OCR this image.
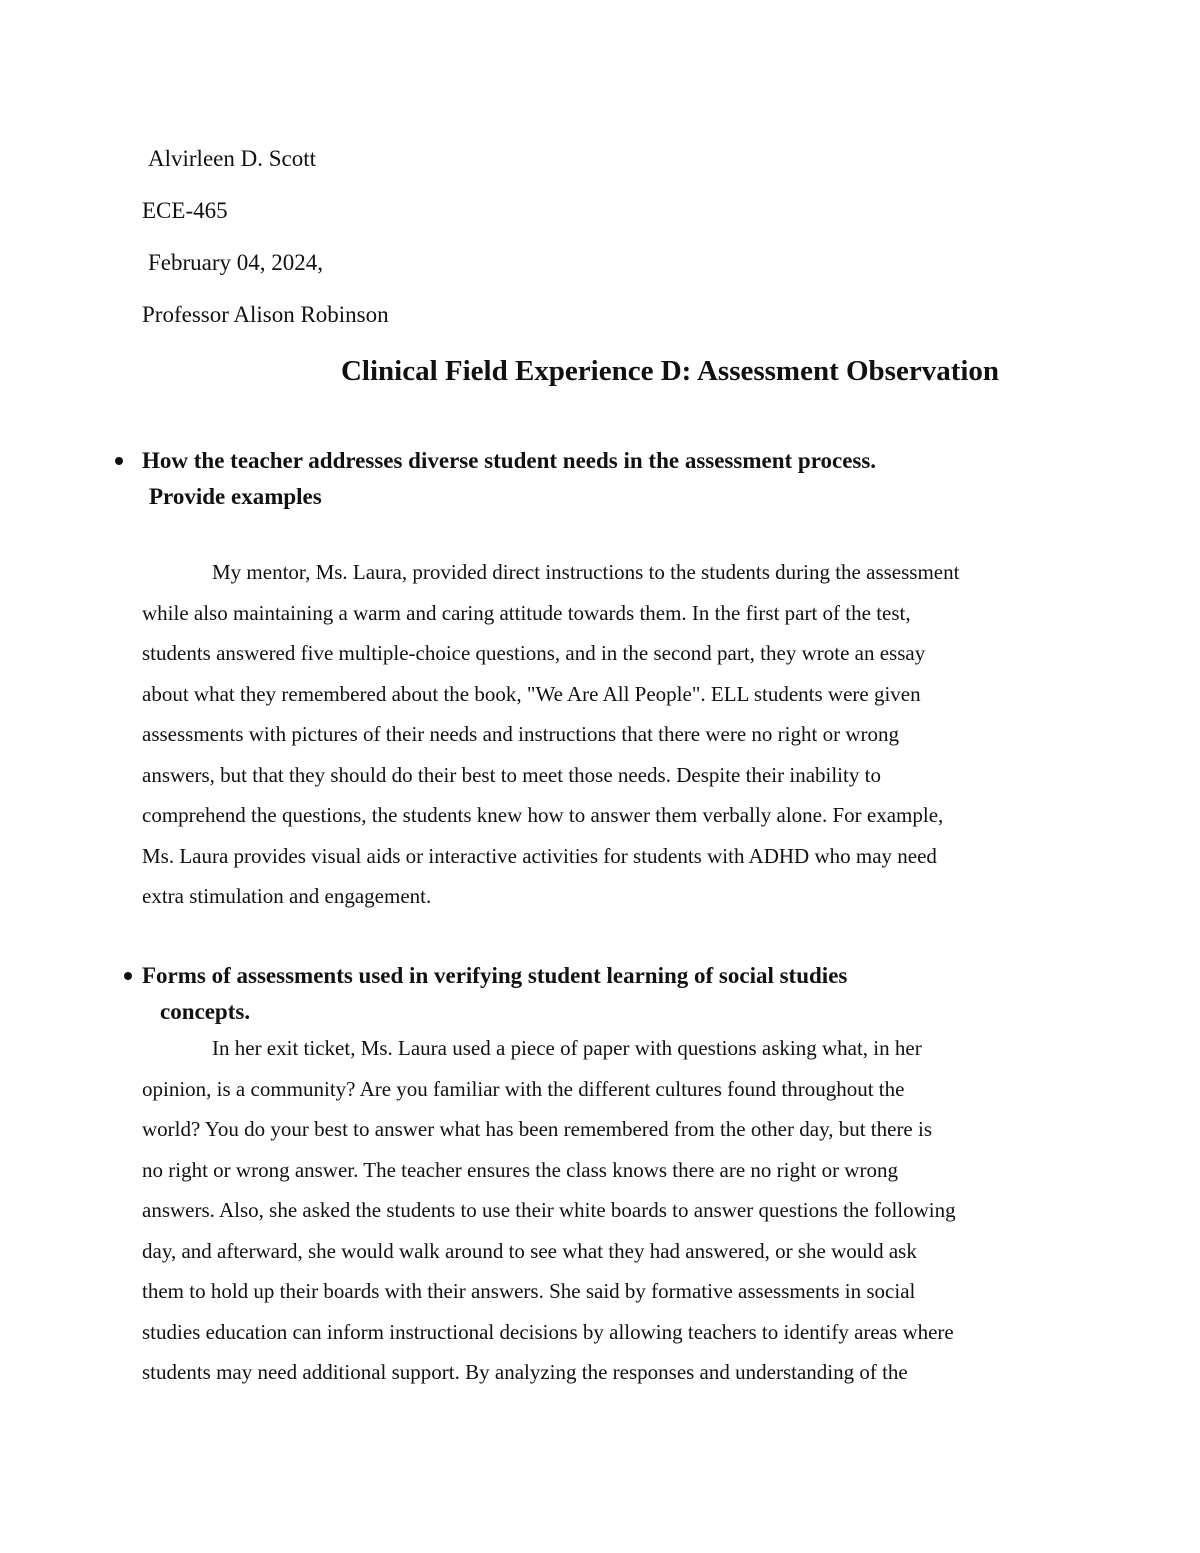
Alvirleen D. Scott
ECE-465
February 04, 2024,
Professor Alison Robinson
Clinical Field Experience D: Assessment Observation
How the teacher addresses diverse student needs in the assessment process.
Provide examples
My mentor, Ms. Laura, provided direct instructions to the students during the assessment
while also maintaining a warm and caring attitude towards them. In the first part of the test,
students answered five multiple-choice questions, and in the second part, they wrote an essay
about what they remembered about the book, "We Are All People". ELL students were given
assessments with pictures of their needs and instructions that there were no right or wrong
answers, but that they should do their best to meet those needs. Despite their inability to
comprehend the questions, the students knew how to answer them verbally alone. For example,
Ms. Laura provides visual aids or interactive activities for students with ADHD who may need
extra stimulation and engagement.
Forms of assessments used in verifying student learning of social studies
concepts.
In her exit ticket, Ms. Laura used a piece of paper with questions asking what, in her
opinion, is a community? Are you familiar with the different cultures found throughout the
world? You do your best to answer what has been remembered from the other day, but there is
no right or wrong answer. The teacher ensures the class knows there are no right or wrong
answers. Also, she asked the students to use their white boards to answer questions the following
day, and afterward, she would walk around to see what they had answered, or she would ask
them to hold up their boards with their answers. She said by formative assessments in social
studies education can inform instructional decisions by allowing teachers to identify areas where
students may need additional support. By analyzing the responses and understanding of the
